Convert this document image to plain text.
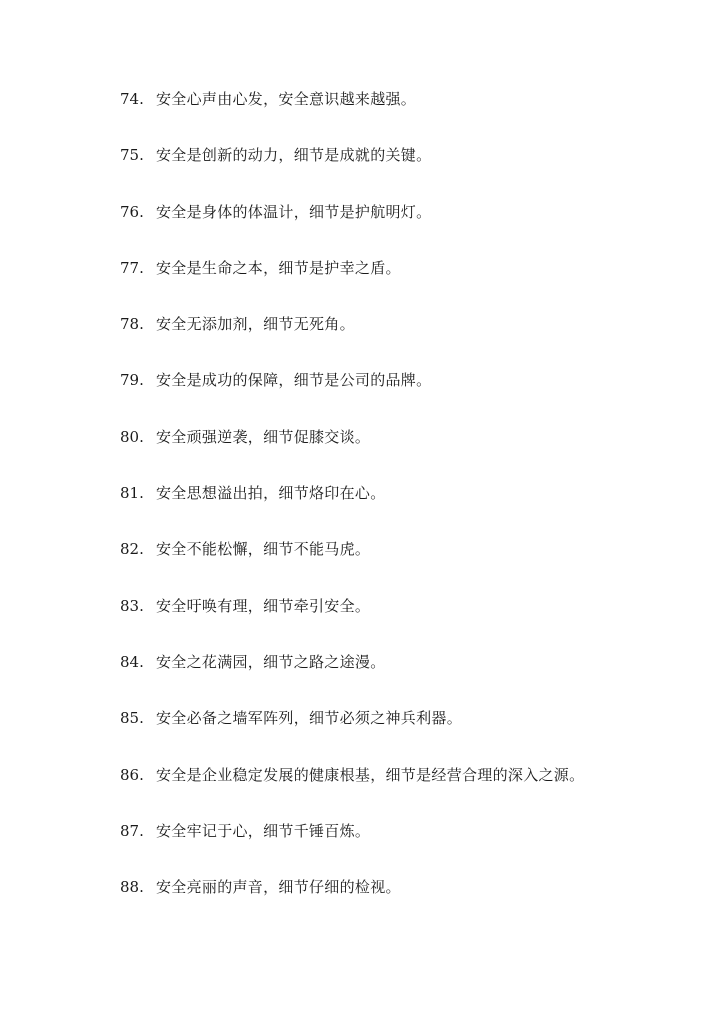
74. 安全心声由心发，安全意识越来越强。
75. 安全是创新的动力，细节是成就的关键。
76. 安全是身体的体温计，细节是护航明灯。
77. 安全是生命之本，细节是护幸之盾。
78. 安全无添加剂，细节无死角。
79. 安全是成功的保障，细节是公司的品牌。
80. 安全顽强逆袭，细节促膝交谈。
81. 安全思想溢出拍，细节烙印在心。
82. 安全不能松懈，细节不能马虎。
83. 安全吁唤有理，细节牵引安全。
84. 安全之花满园，细节之路之途漫。
85. 安全必备之墙军阵列，细节必须之神兵利器。
86. 安全是企业稳定发展的健康根基，细节是经营合理的深入之源。
87. 安全牢记于心，细节千锤百炼。
88. 安全亮丽的声音，细节仔细的检视。
